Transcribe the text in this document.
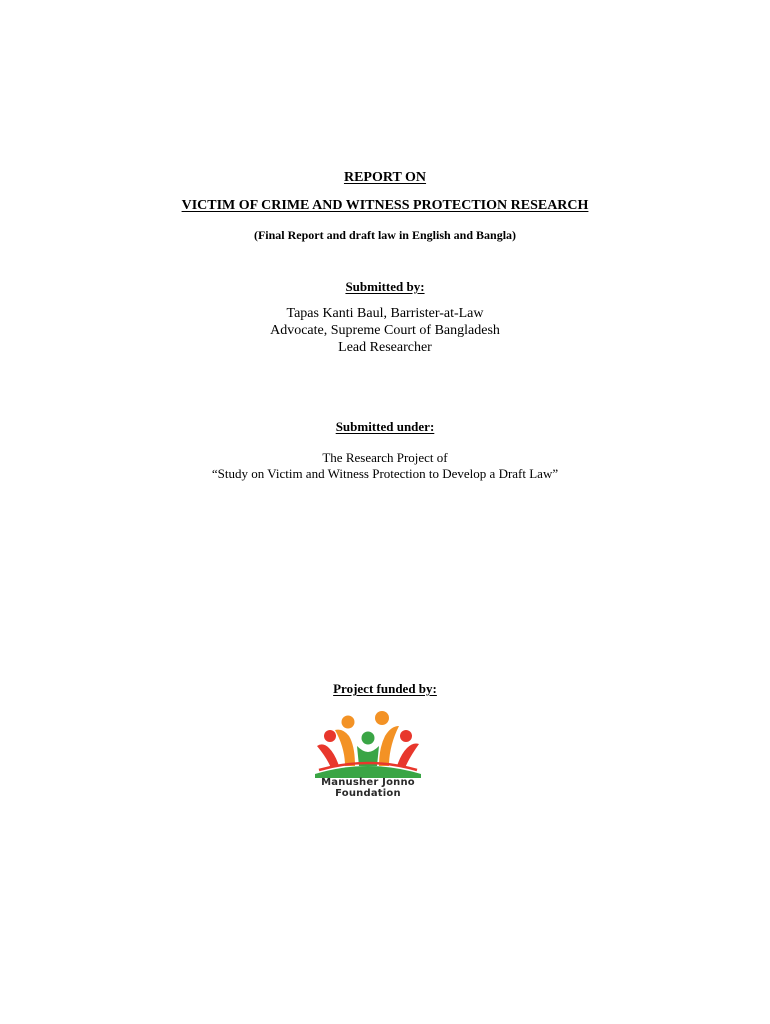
REPORT ON
VICTIM OF CRIME AND WITNESS PROTECTION RESEARCH
(Final Report and draft law in English and Bangla)
Submitted by:
Tapas Kanti Baul, Barrister-at-Law
Advocate, Supreme Court of Bangladesh
Lead Researcher
Submitted under:
The Research Project of
“Study on Victim and Witness Protection to Develop a Draft Law”
Project funded by:
Manusher Jonno
Foundation
